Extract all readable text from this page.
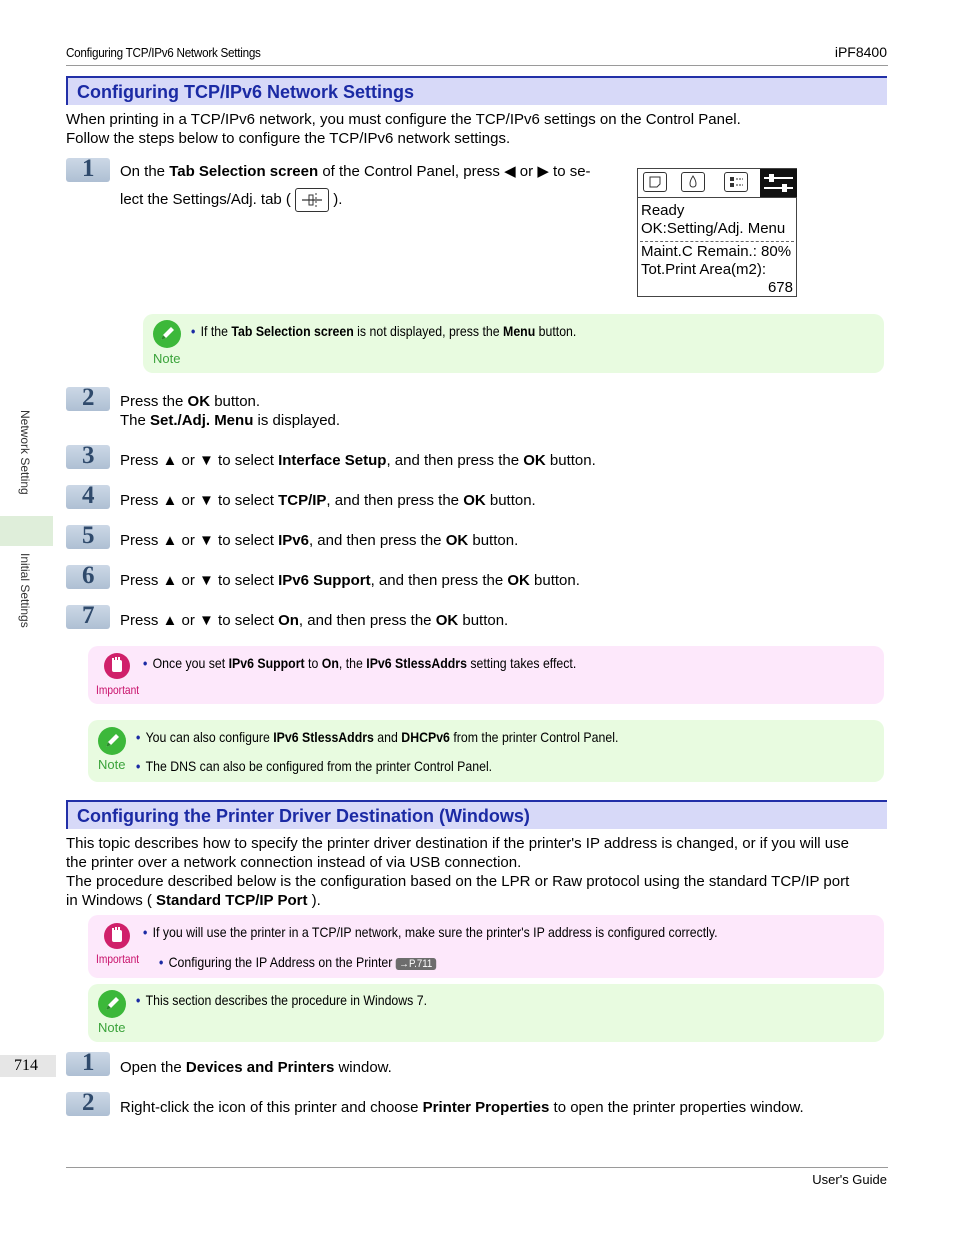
Configuring TCP/IPv6 Network Settings	iPF8400
Network Setting
Initial Settings
714
Configuring TCP/IPv6 Network Settings
When printing in a TCP/IPv6 network, you must configure the TCP/IPv6 settings on the Control Panel.
Follow the steps below to configure the TCP/IPv6 network settings.
1 On the Tab Selection screen of the Control Panel, press ◀ or ▶ to se-
lect the Settings/Adj. tab (
).
Ready
OK:Setting/Adj. Menu
Maint.C Remain.: 80%
Tot.Print Area(m2):
678
Note
• If the Tab Selection screen is not displayed, press the Menu button.
2 Press the OK button.
The Set./Adj. Menu is displayed.
3 Press ▲ or ▼ to select Interface Setup, and then press the OK button.
4 Press ▲ or ▼ to select TCP/IP, and then press the OK button.
5 Press ▲ or ▼ to select IPv6, and then press the OK button.
6 Press ▲ or ▼ to select IPv6 Support, and then press the OK button.
7 Press ▲ or ▼ to select On, and then press the OK button.
Important
• Once you set IPv6 Support to On, the IPv6 StlessAddrs setting takes effect.
Note
• You can also configure IPv6 StlessAddrs and DHCPv6 from the printer Control Panel.
• The DNS can also be configured from the printer Control Panel.
Configuring the Printer Driver Destination (Windows)
This topic describes how to specify the printer driver destination if the printer's IP address is changed, or if you will use
the printer over a network connection instead of via USB connection.
The procedure described below is the configuration based on the LPR or Raw protocol using the standard TCP/IP port
in Windows ( Standard TCP/IP Port ).
Important
• If you will use the printer in a TCP/IP network, make sure the printer's IP address is configured correctly.
• Configuring the IP Address on the Printer →P.711
Note
• This section describes the procedure in Windows 7.
1 Open the Devices and Printers window.
2 Right-click the icon of this printer and choose Printer Properties to open the printer properties window.
User's Guide
